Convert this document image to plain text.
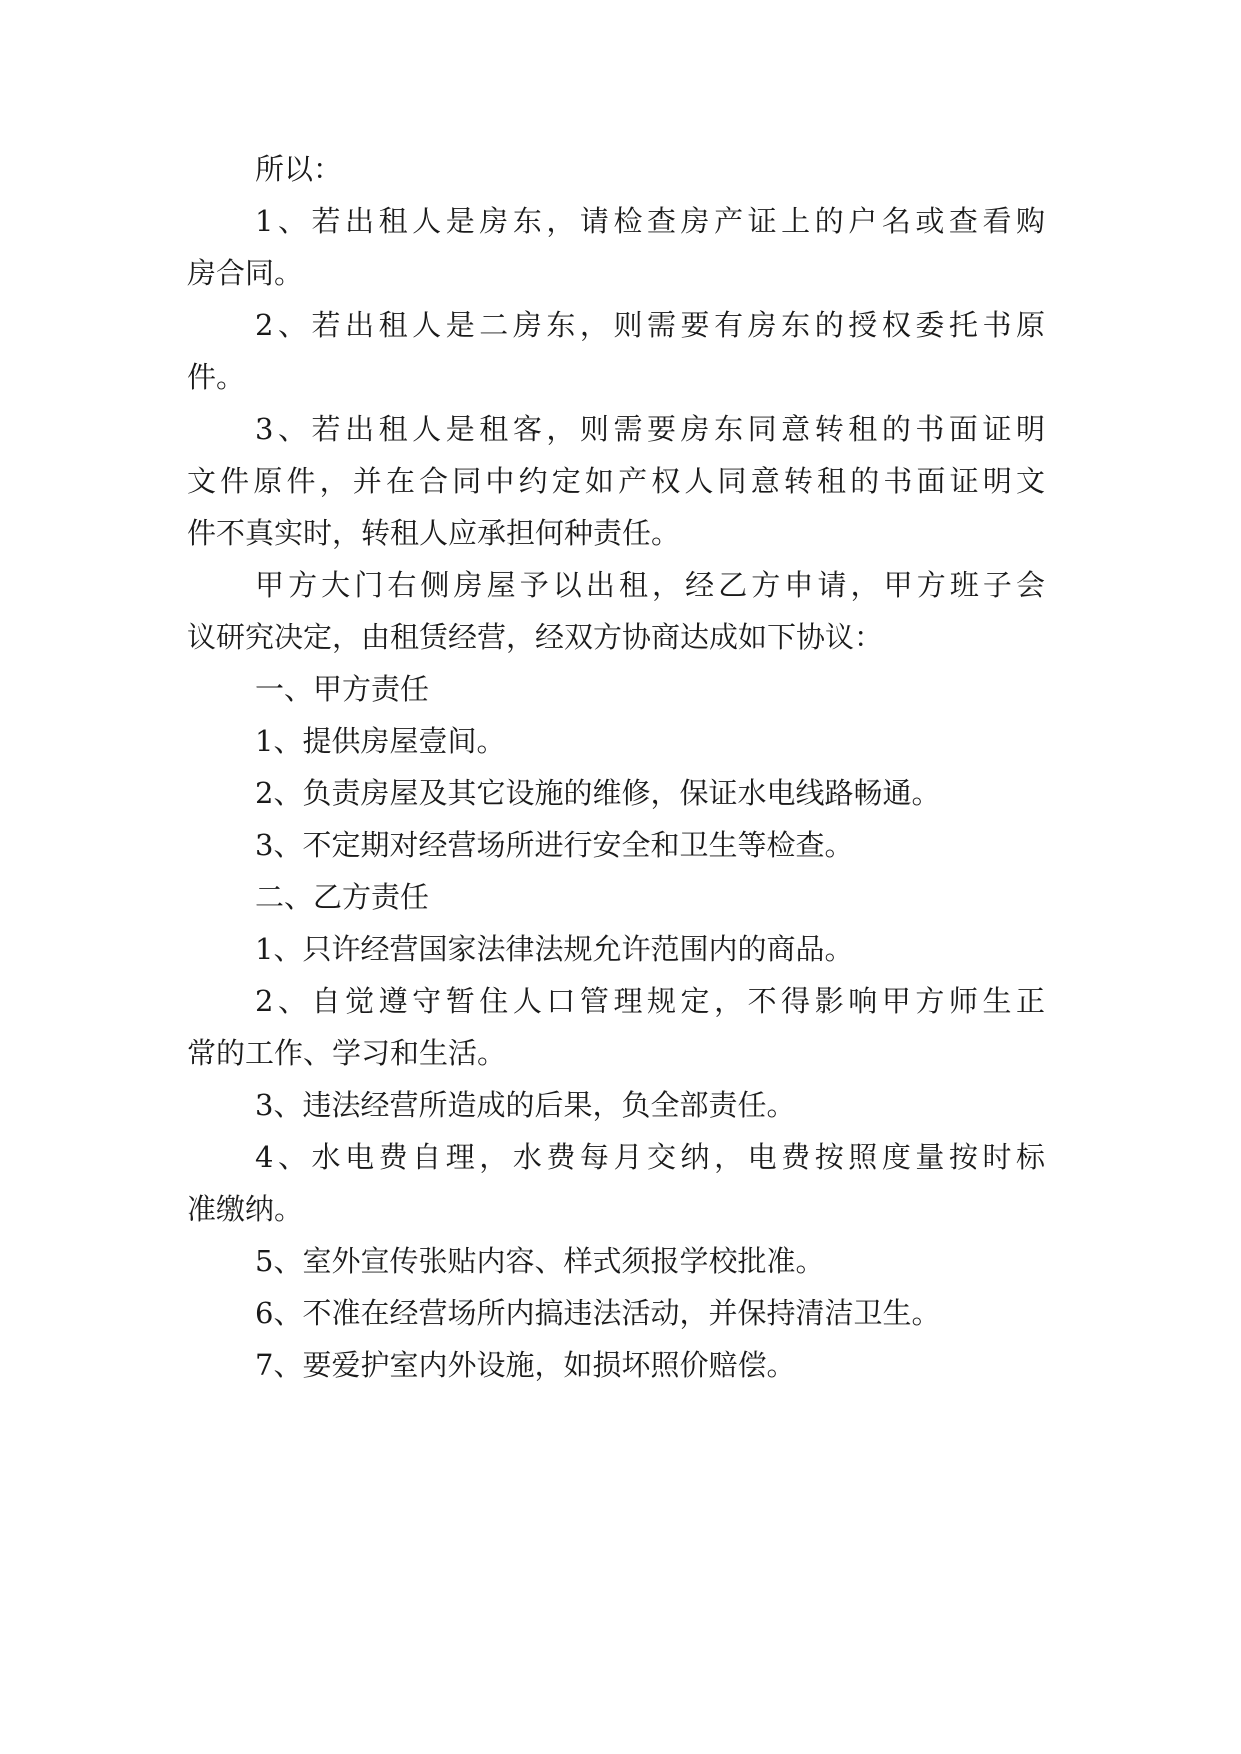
所以：
1、若出租人是房东，请检查房产证上的户名或查看购
房合同。
2、若出租人是二房东，则需要有房东的授权委托书原
件。
3、若出租人是租客，则需要房东同意转租的书面证明
文件原件，并在合同中约定如产权人同意转租的书面证明文
件不真实时，转租人应承担何种责任。
甲方大门右侧房屋予以出租，经乙方申请，甲方班子会
议研究决定，由租赁经营，经双方协商达成如下协议：
一、甲方责任
1、提供房屋壹间。
2、负责房屋及其它设施的维修，保证水电线路畅通。
3、不定期对经营场所进行安全和卫生等检查。
二、乙方责任
1、只许经营国家法律法规允许范围内的商品。
2、自觉遵守暂住人口管理规定，不得影响甲方师生正
常的工作、学习和生活。
3、违法经营所造成的后果，负全部责任。
4、水电费自理，水费每月交纳，电费按照度量按时标
准缴纳。
5、室外宣传张贴内容、样式须报学校批准。
6、不准在经营场所内搞违法活动，并保持清洁卫生。
7、要爱护室内外设施，如损坏照价赔偿。
